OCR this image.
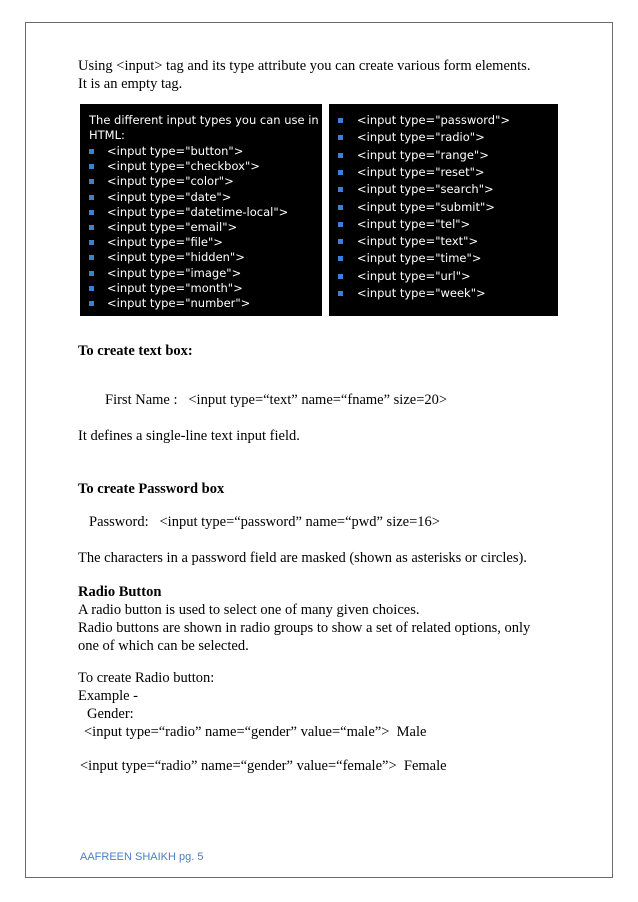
Using <input> tag and its type attribute you can create various form elements.
It is an empty tag.
The different input types you can use in
HTML:
<input type="button">
<input type="checkbox">
<input type="color">
<input type="date">
<input type="datetime-local">
<input type="email">
<input type="file">
<input type="hidden">
<input type="image">
<input type="month">
<input type="number">
<input type="password">
<input type="radio">
<input type="range">
<input type="reset">
<input type="search">
<input type="submit">
<input type="tel">
<input type="text">
<input type="time">
<input type="url">
<input type="week">
To create text box:
First Name :   <input type=“text” name=“fname” size=20>
It defines a single-line text input field.
To create Password box
Password:   <input type=“password” name=“pwd” size=16>
The characters in a password field are masked (shown as asterisks or circles).
Radio Button
A radio button is used to select one of many given choices.
Radio buttons are shown in radio groups to show a set of related options, only
one of which can be selected.
To create Radio button:
Example -
Gender:
<input type=“radio” name=“gender” value=“male”>  Male
<input type=“radio” name=“gender” value=“female”>  Female
AAFREEN SHAIKH pg. 5
